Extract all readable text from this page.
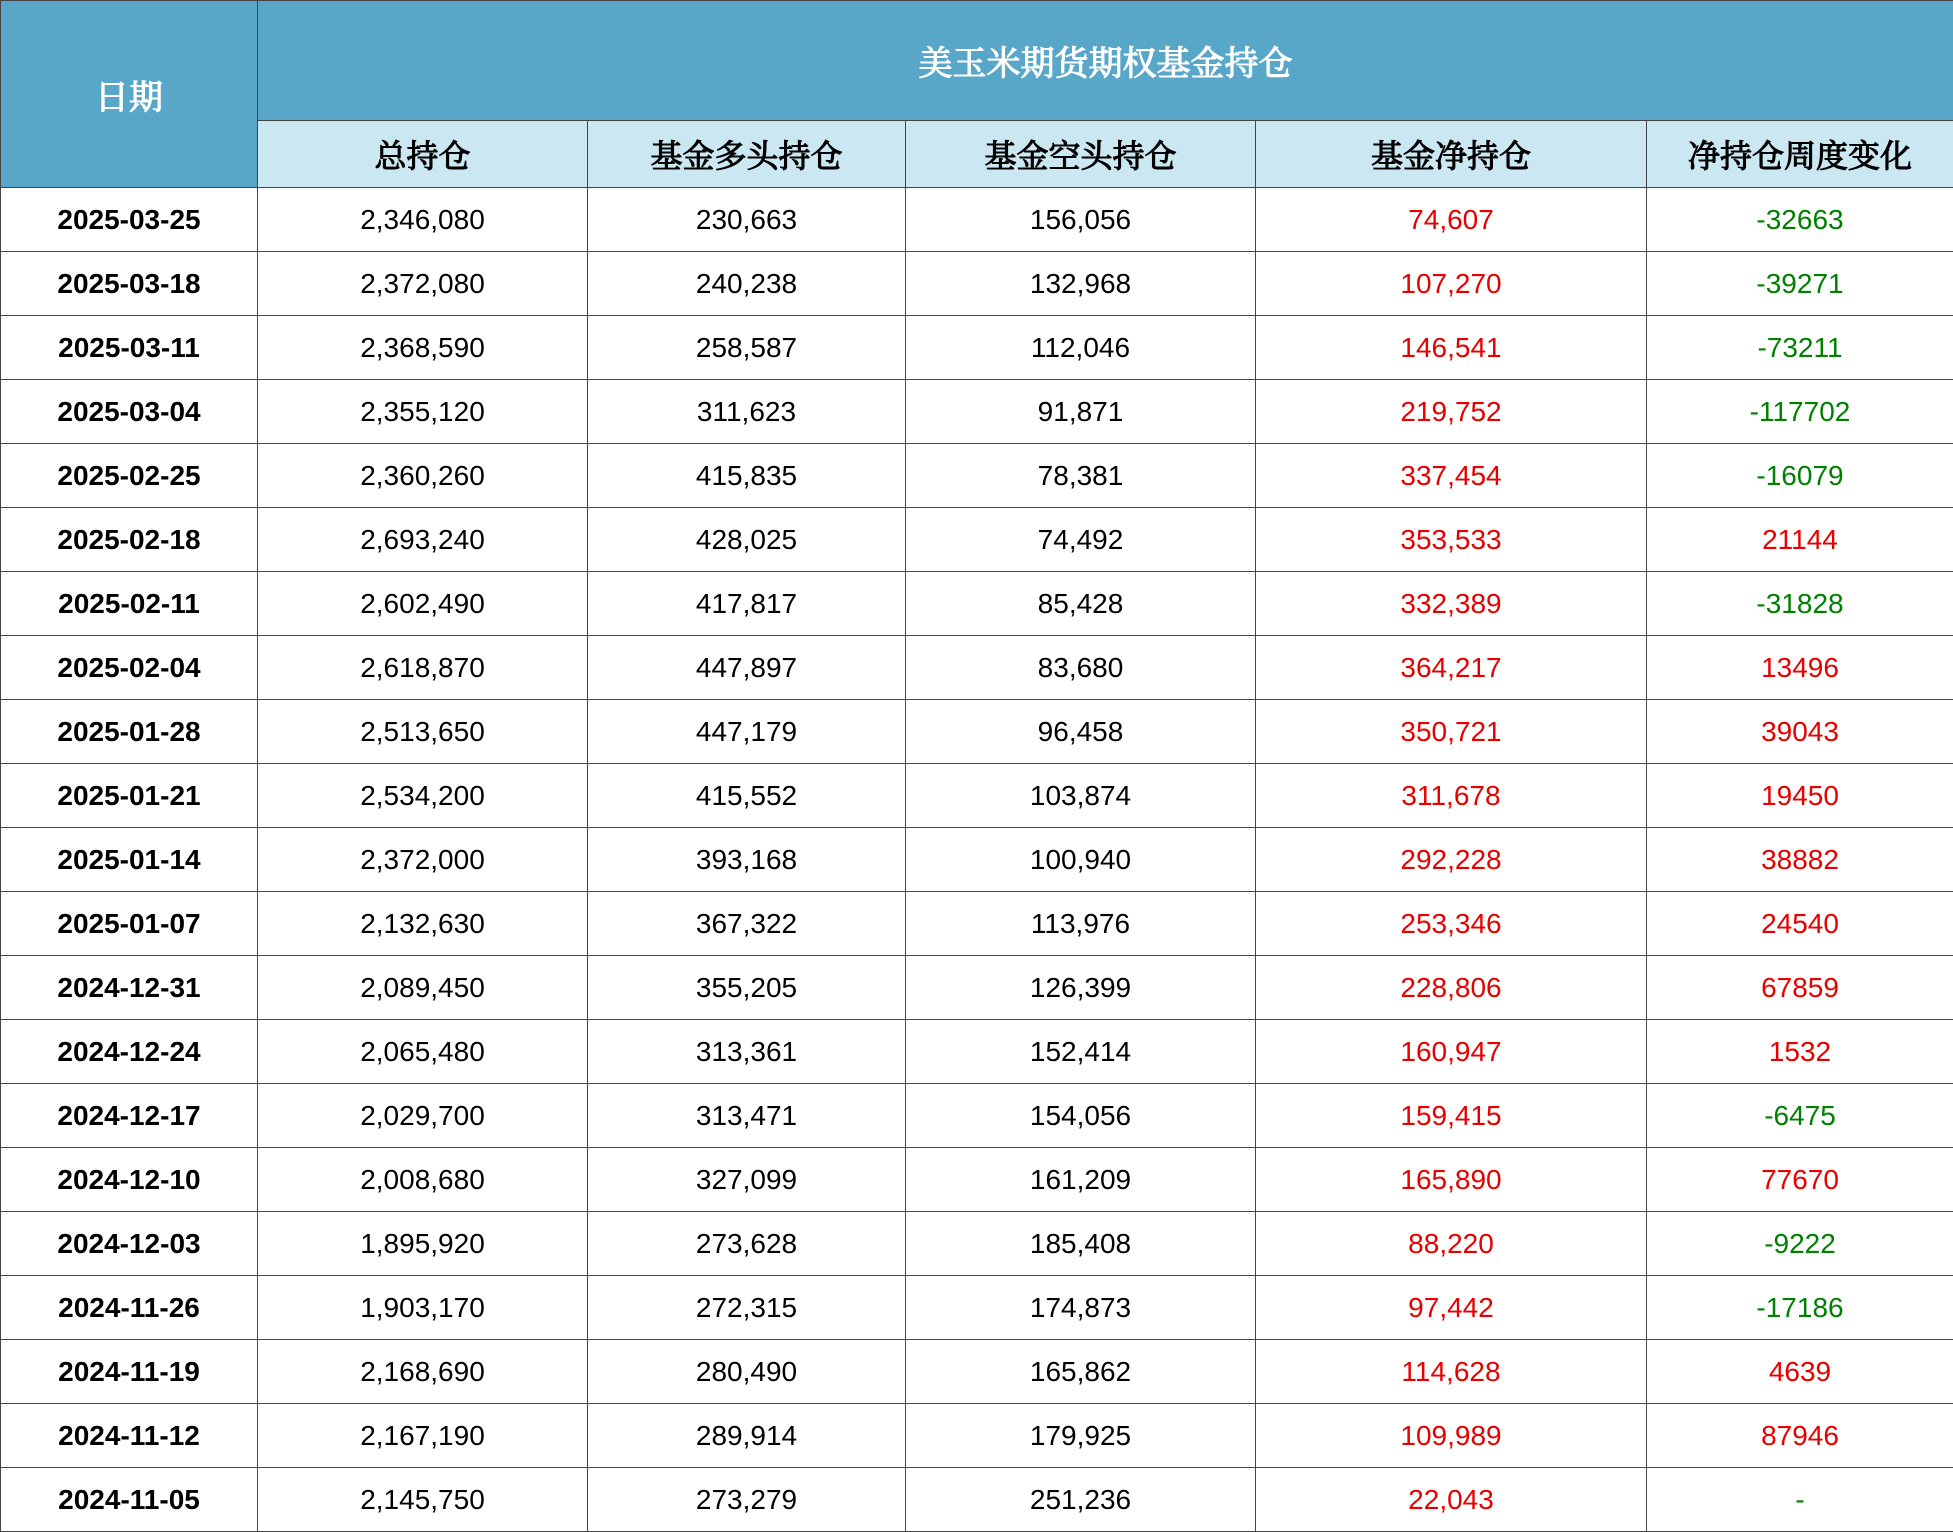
日期	美玉米期货期权基金持仓				
	总持仓	基金多头持仓	基金空头持仓	基金净持仓	净持仓周度变化
2025-03-25	2,346,080	230,663	156,056	74,607	-32663
2025-03-18	2,372,080	240,238	132,968	107,270	-39271
2025-03-11	2,368,590	258,587	112,046	146,541	-73211
2025-03-04	2,355,120	311,623	91,871	219,752	-117702
2025-02-25	2,360,260	415,835	78,381	337,454	-16079
2025-02-18	2,693,240	428,025	74,492	353,533	21144
2025-02-11	2,602,490	417,817	85,428	332,389	-31828
2025-02-04	2,618,870	447,897	83,680	364,217	13496
2025-01-28	2,513,650	447,179	96,458	350,721	39043
2025-01-21	2,534,200	415,552	103,874	311,678	19450
2025-01-14	2,372,000	393,168	100,940	292,228	38882
2025-01-07	2,132,630	367,322	113,976	253,346	24540
2024-12-31	2,089,450	355,205	126,399	228,806	67859
2024-12-24	2,065,480	313,361	152,414	160,947	1532
2024-12-17	2,029,700	313,471	154,056	159,415	-6475
2024-12-10	2,008,680	327,099	161,209	165,890	77670
2024-12-03	1,895,920	273,628	185,408	88,220	-9222
2024-11-26	1,903,170	272,315	174,873	97,442	-17186
2024-11-19	2,168,690	280,490	165,862	114,628	4639
2024-11-12	2,167,190	289,914	179,925	109,989	87946
2024-11-05	2,145,750	273,279	251,236	22,043	-
